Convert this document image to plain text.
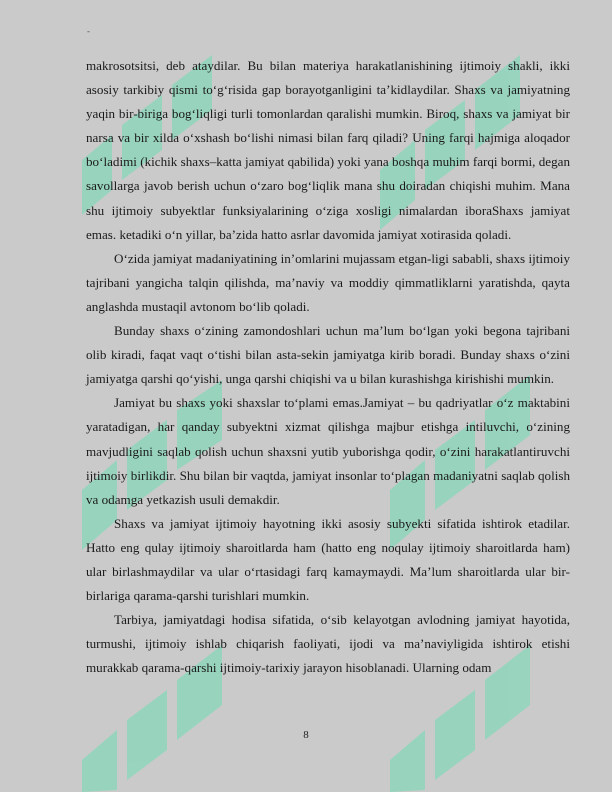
-

makrosotsitsi, deb ataydilar. Bu bilan materiya harakatlanishining ijtimoiy shakli, ikki asosiy tarkibiy qismi to‘g‘risida gap borayotganligini ta’kidlaydilar. Shaxs va jamiyatning yaqin bir-biriga bog‘liqligi turli tomonlardan qaralishi mumkin. Biroq, shaxs va jamiyat bir narsa va bir xilda o‘xshash bo‘lishi nimasi bilan farq qiladi? Uning farqi hajmiga aloqador bo‘ladimi (kichik shaxs–katta jamiyat qabilida) yoki yana boshqa muhim farqi bormi, degan savollarga javob berish uchun o‘zaro bog‘liqlik mana shu doiradan chiqishi muhim. Mana shu ijtimoiy subyektlar funksiyalarining o‘ziga xosligi nimalardan iboraShaxs jamiyat emas. ketadiki o‘n yillar, ba’zida hatto asrlar davomida jamiyat xotirasida qoladi.

O‘zida jamiyat madaniyatining in’omlarini mujassam etgan-ligi sababli, shaxs ijtimoiy tajribani yangicha talqin qilishda, ma’naviy va moddiy qimmatliklarni yaratishda, qayta anglashda mustaqil avtonom bo‘lib qoladi.

Bunday shaxs o‘zining zamondoshlari uchun ma’lum bo‘lgan yoki begona tajribani olib kiradi, faqat vaqt o‘tishi bilan asta-sekin jamiyatga kirib boradi. Bunday shaxs o‘zini jamiyatga qarshi qo‘yishi, unga qarshi chiqishi va u bilan kurashishga kirishishi mumkin.

Jamiyat bu shaxs yoki shaxslar to‘plami emas.Jamiyat – bu qadriyatlar o‘z maktabini yaratadigan, har qanday subyektni xizmat qilishga majbur etishga intiluvchi, o‘zining mavjudligini saqlab qolish uchun shaxsni yutib yuborishga qodir, o‘zini harakatlantiruvchi ijtimoiy birlikdir. Shu bilan bir vaqtda, jamiyat insonlar to‘plagan madaniyatni saqlab qolish va odamga yetkazish usuli demakdir.

Shaxs va jamiyat ijtimoiy hayotning ikki asosiy subyekti sifatida ishtirok etadilar. Hatto eng qulay ijtimoiy sharoitlarda ham (hatto eng noqulay ijtimoiy sharoitlarda ham) ular birlashmaydilar va ular o‘rtasidagi farq kamaymaydi. Ma’lum sharoitlarda ular bir-birlariga qarama-qarshi turishlari mumkin.

Tarbiya, jamiyatdagi hodisa sifatida, o‘sib kelayotgan avlodning jamiyat hayotida, turmushi, ijtimoiy ishlab chiqarish faoliyati, ijodi va ma’naviyligida ishtirok etishi murakkab qarama-qarshi ijtimoiy-tarixiy jarayon hisoblanadi. Ularning odam

8
